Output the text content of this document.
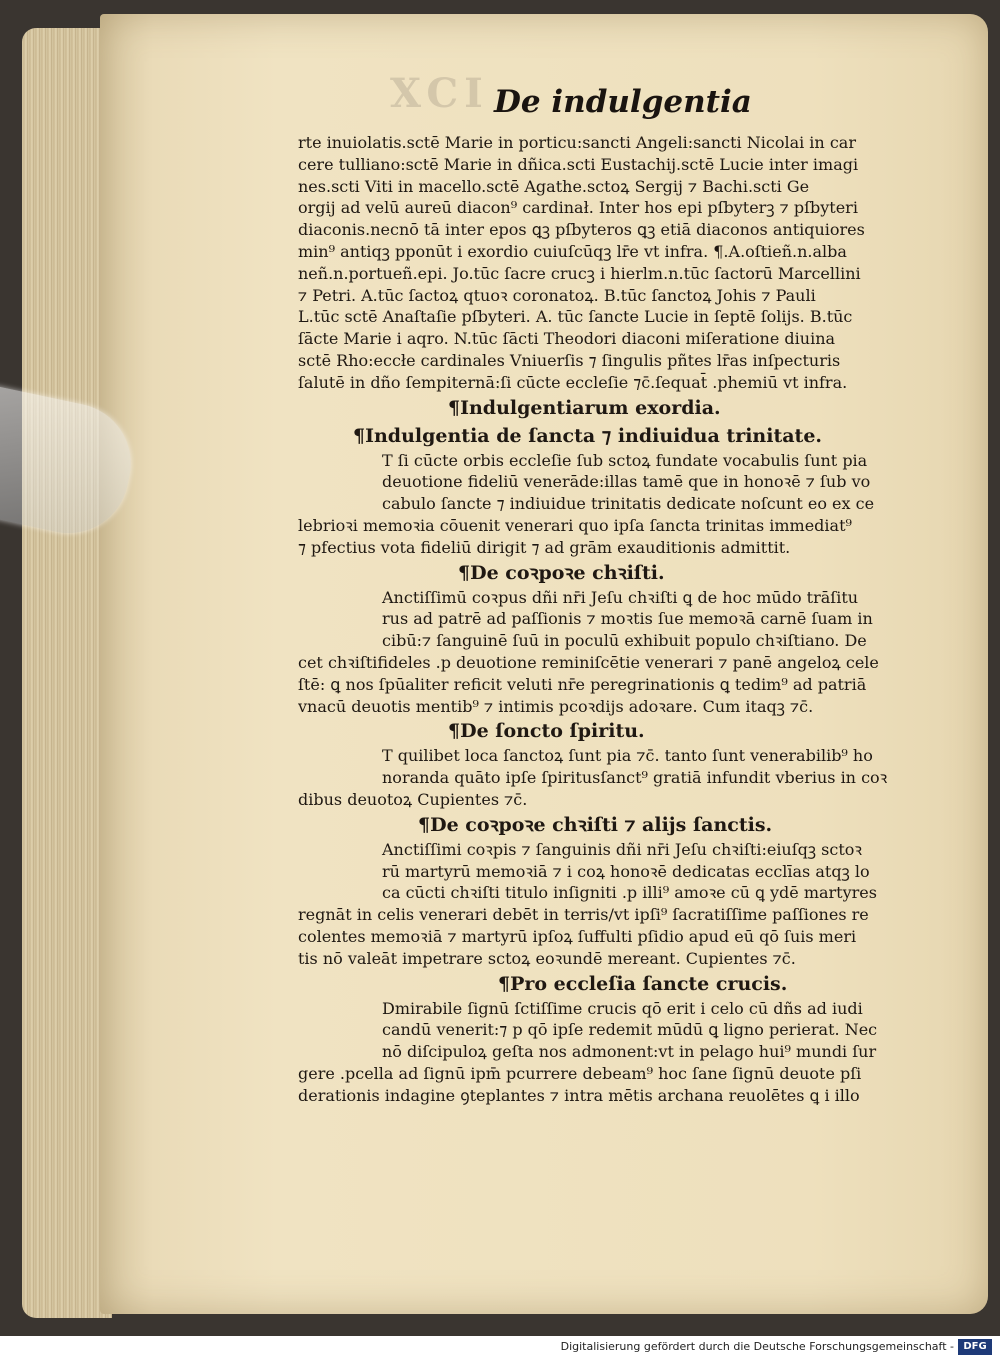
XCI De indulgentia
rte inuiolatis.sctē Marie in porticu:sancti Angeli:sancti Nicolai in car
cere tulliano:sctē Marie in dñica.scti Eustachij.sctē Lucie inter imagi
nes.scti Viti in macello.sctē Agathe.sctoꝝ Sergij ⁊ Bachi.scti Ge
orgij ad velū aureū diacon⁹ cardinał. Inter hos epi pſbyterꝫ ⁊ pſbyteri
diaconis.necnō tā inter epos ꝗꝫ pſbyteros ꝗꝫ etiā diaconos antiquiores
min⁹ antiqꝫ pponūt i exordio cuiuſcūqꝫ lr̄e vt infra. ¶.A.oſtieñ.n.alba
neñ.n.portueñ.epi. Jo.tūc ſacre crucꝫ i hierlm.n.tūc ſactorū Marcellini
⁊ Petri. A.tūc ſactoꝝ qtuoꝛ coronatoꝝ. B.tūc ſanctoꝝ Johis ⁊ Pauli
L.tūc sctē Anaſtaſie pſbyteri. A. tūc ſancte Lucie in ſeptē ſolijs. B.tūc
ſācte Marie i aqro. N.tūc ſācti Theodori diaconi miſeratione diuina
sctē Rho:eccłe cardinales Vniuerſis ⁊ ſingulis pñtes lr̄as inſpecturis
ſalutē in dño ſempiternā:ſi cūcte eccleſie ⁊c̄.ſequat̄ .phemiū vt infra.
¶Indulgentiarum exordia.
¶Indulgentia de ſancta ⁊ indiuidua trinitate.
T ſi cūcte orbis eccleſie ſub sctoꝝ fundate vocabulis ſunt pia
deuotione fideliū venerāde:illas tamē que in honoꝛē ⁊ ſub vo
cabulo ſancte ⁊ indiuidue trinitatis dedicate noſcunt eo ex ce
lebrioꝛi memoꝛia cōuenit venerari quo ipſa ſancta trinitas immediat⁹
⁊ pfectius vota fideliū dirigit ⁊ ad grām exauditionis admittit.
¶De coꝛpoꝛe chꝛiſti.
Anctiſſimū coꝛpus dñi nr̄i Jeſu chꝛiſti ꝗ de hoc mūdo trāſitu
rus ad patrē ad paſſionis ⁊ moꝛtis ſue memoꝛā carnē ſuam in
cibū:⁊ ſanguinē ſuū in poculū exhibuit populo chꝛiſtiano. De
cet chꝛiſtifideles .p deuotione reminiſcētie venerari ⁊ panē angeloꝝ cele
ſtē: ꝗ nos ſpūaliter reficit veluti nr̄e peregrinationis ꝗ tedim⁹ ad patriā
vnacū deuotis mentib⁹ ⁊ intimis pcoꝛdijs adoꝛare. Cum itaqꝫ ⁊c̄.
¶De ſoncto ſpiritu.
T quilibet loca ſanctoꝝ ſunt pia ⁊c̄. tanto ſunt venerabilib⁹ ho
noranda quāto ipſe ſpiritusſanct⁹ gratiā infundit vberius in coꝛ
dibus deuotoꝝ Cupientes ⁊c̄.
¶De coꝛpoꝛe chꝛiſti ⁊ alijs ſanctis.
Anctiſſimi coꝛpis ⁊ ſanguinis dñi nr̄i Jeſu chꝛiſti:eiuſqꝫ sctoꝛ
rū martyrū memoꝛiā ⁊ i coꝝ honoꝛē dedicatas ecclīas atqꝫ lo
ca cūcti chꝛiſti titulo inſigniti .p illi⁹ amoꝛe cū ꝗ ydē martyres
regnāt in celis venerari debēt in terris/vt ipſi⁹ ſacratiſſime paſſiones re
colentes memoꝛiā ⁊ martyrū ipſoꝝ ſuffulti pſidio apud eū qō ſuis meri
tis nō valeāt impetrare sctoꝝ eoꝛundē mereant. Cupientes ⁊c̄.
¶Pro eccleſia ſancte crucis.
Dmirabile ſignū ſctiſſime crucis qō erit i celo cū dñs ad iudi
candū venerit:⁊ p qō ipſe redemit mūdū ꝗ ligno perierat. Nec
nō diſcipuloꝝ geſta nos admonent:vt in pelago hui⁹ mundi ſur
gere .pcella ad ſignū ipm̄ pcurrere debeam⁹ hoc ſane ſignū deuote pſi
derationis indagine ꝯteplantes ⁊ intra mētis archana reuolētes ꝗ i illo
Digitalisierung gefördert durch die Deutsche Forschungsgemeinschaft - DFG
